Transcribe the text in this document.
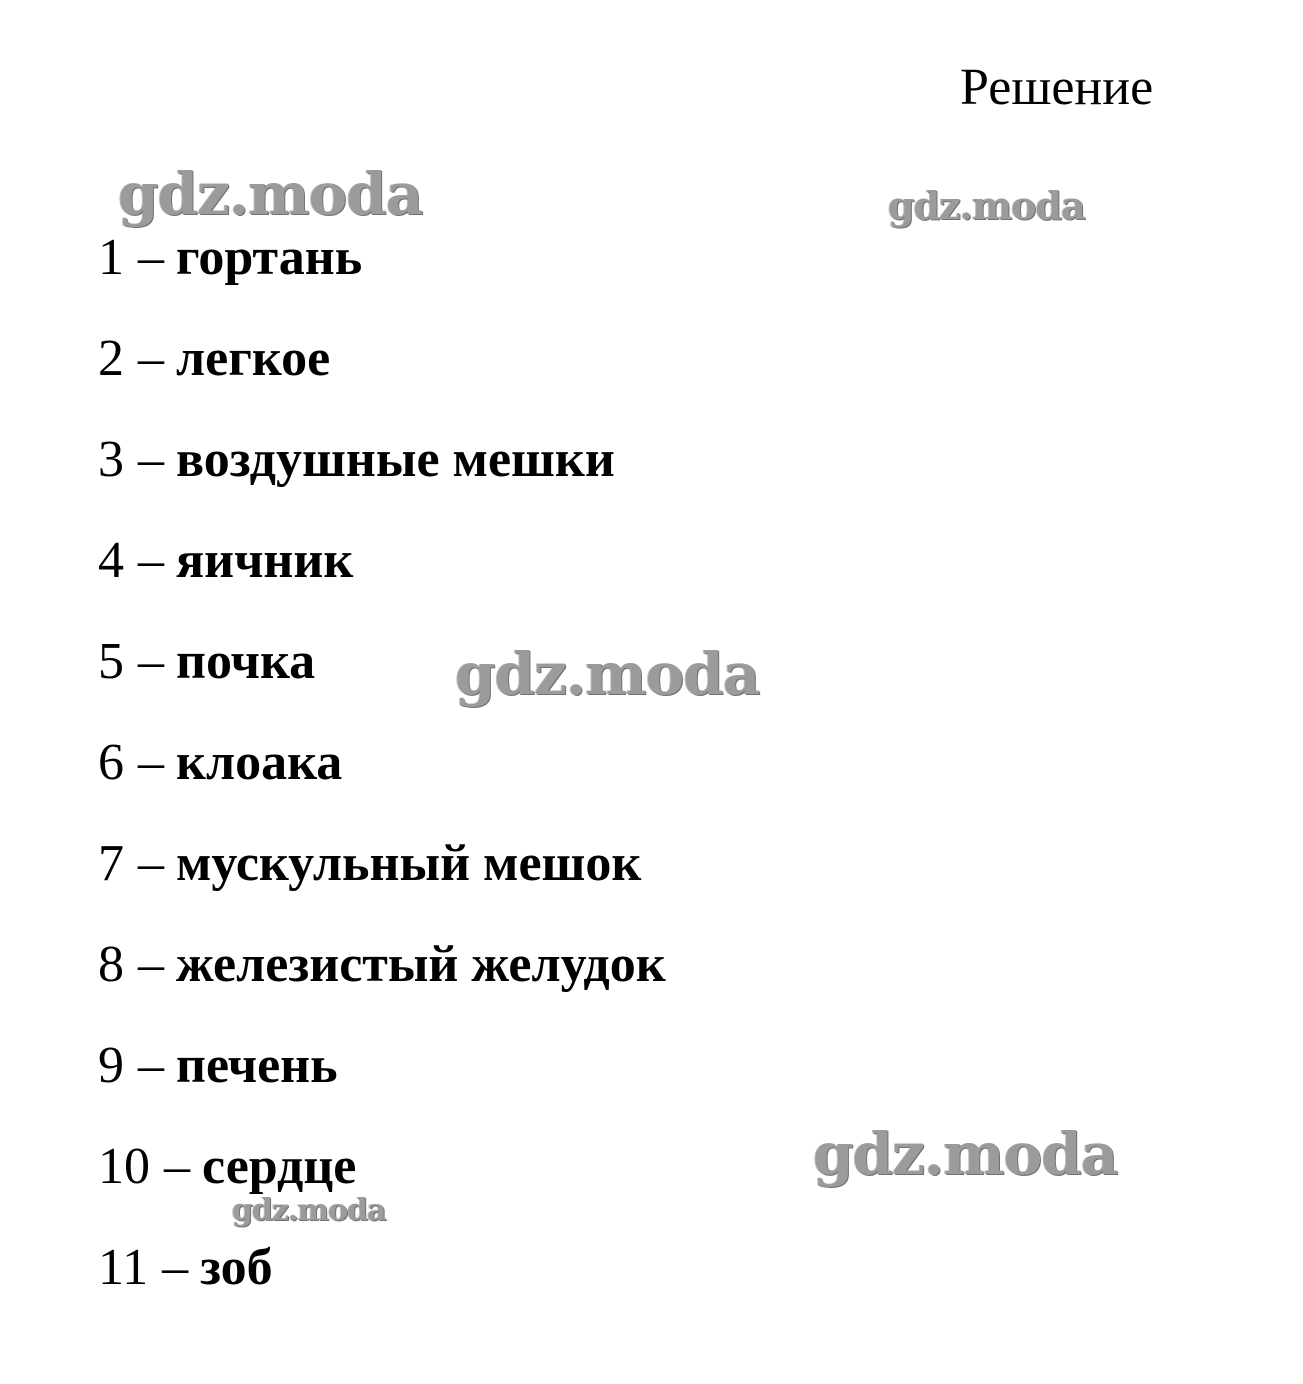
Решение
1 – гортань
2 – легкое
3 – воздушные мешки
4 – яичник
5 – почка
6 – клоака
7 – мускульный мешок
8 – железистый желудок
9 – печень
10 – сердце
11 – зоб
gdz.moda	gdz.moda
gdz.moda
gdz.moda
gdz.moda
